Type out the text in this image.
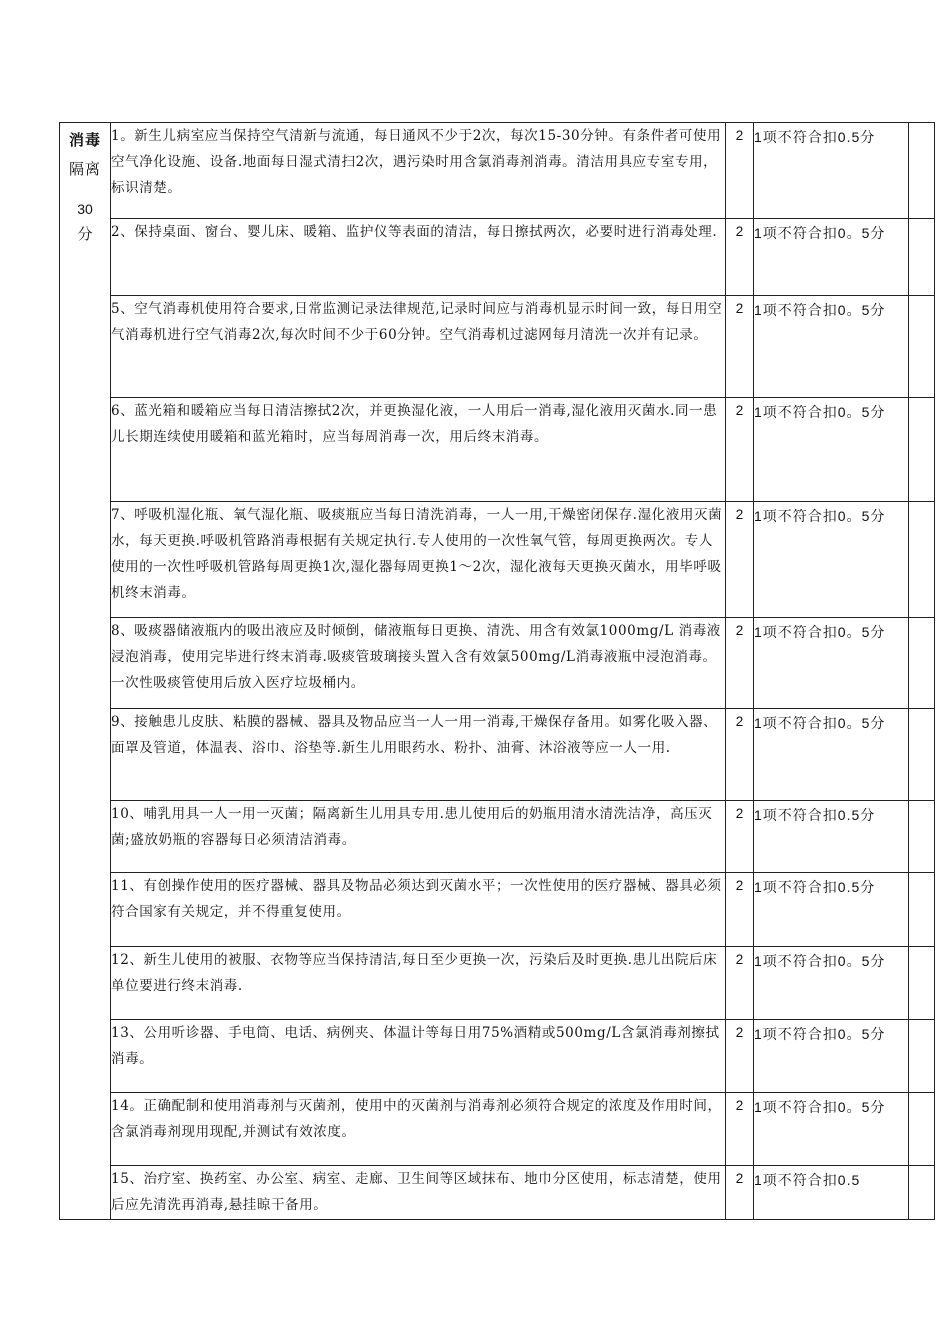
消毒
隔离
30
分	1。新生儿病室应当保持空气清新与流通，每日通风不少于2次，每次15-30分钟。有条件者可使用空气净化设施、设备.地面每日湿式清扫2次，遇污染时用含氯消毒剂消毒。清洁用具应专室专用，标识清楚。	2	1项不符合扣0.5分	
	2、保持桌面、窗台、婴儿床、暖箱、监护仪等表面的清洁，每日擦拭两次，必要时进行消毒处理.	2	1项不符合扣0。5分	
	5、空气消毒机使用符合要求,日常监测记录法律规范,记录时间应与消毒机显示时间一致，每日用空气消毒机进行空气消毒2次,每次时间不少于60分钟。空气消毒机过滤网每月清洗一次并有记录。	2	1项不符合扣0。5分	
	6、蓝光箱和暖箱应当每日清洁擦拭2次，并更换湿化液，一人用后一消毒,湿化液用灭菌水.同一患儿长期连续使用暖箱和蓝光箱时，应当每周消毒一次，用后终末消毒。	2	1项不符合扣0。5分	
	7、呼吸机湿化瓶、氧气湿化瓶、吸痰瓶应当每日清洗消毒，一人一用,干燥密闭保存.湿化液用灭菌水，每天更换.呼吸机管路消毒根据有关规定执行.专人使用的一次性氧气管，每周更换两次。专人使用的一次性呼吸机管路每周更换1次,湿化器每周更换1～2次，湿化液每天更换灭菌水，用毕呼吸机终末消毒。	2	1项不符合扣0。5分	
	8、吸痰器储液瓶内的吸出液应及时倾倒，储液瓶每日更换、清洗、用含有效氯1000mg/L 消毒液浸泡消毒，使用完毕进行终末消毒.吸痰管玻璃接头置入含有效氯500mg/L消毒液瓶中浸泡消毒。一次性吸痰管使用后放入医疗垃圾桶内。	2	1项不符合扣0。5分	
	9、接触患儿皮肤、粘膜的器械、器具及物品应当一人一用一消毒,干燥保存备用。如雾化吸入器、面罩及管道，体温表、浴巾、浴垫等.新生儿用眼药水、粉扑、油膏、沐浴液等应一人一用.	2	1项不符合扣0。5分	
	10、哺乳用具一人一用一灭菌；隔离新生儿用具专用.患儿使用后的奶瓶用清水清洗洁净，高压灭菌;盛放奶瓶的容器每日必须清洁消毒。	2	1项不符合扣0.5分	
	11、有创操作使用的医疗器械、器具及物品必须达到灭菌水平；一次性使用的医疗器械、器具必须符合国家有关规定，并不得重复使用。	2	1项不符合扣0.5分	
	12、新生儿使用的被服、衣物等应当保持清洁,每日至少更换一次，污染后及时更换.患儿出院后床单位要进行终末消毒.	2	1项不符合扣0。5分	
	13、公用听诊器、手电筒、电话、病例夹、体温计等每日用75%酒精或500mg/L含氯消毒剂擦拭消毒。	2	1项不符合扣0。5分	
	14。正确配制和使用消毒剂与灭菌剂，使用中的灭菌剂与消毒剂必须符合规定的浓度及作用时间，含氯消毒剂现用现配,并测试有效浓度。	2	1项不符合扣0。5分	
	15、治疗室、换药室、办公室、病室、走廊、卫生间等区域抹布、地巾分区使用，标志清楚，使用后应先清洗再消毒,悬挂晾干备用。	2	1项不符合扣0.5	
